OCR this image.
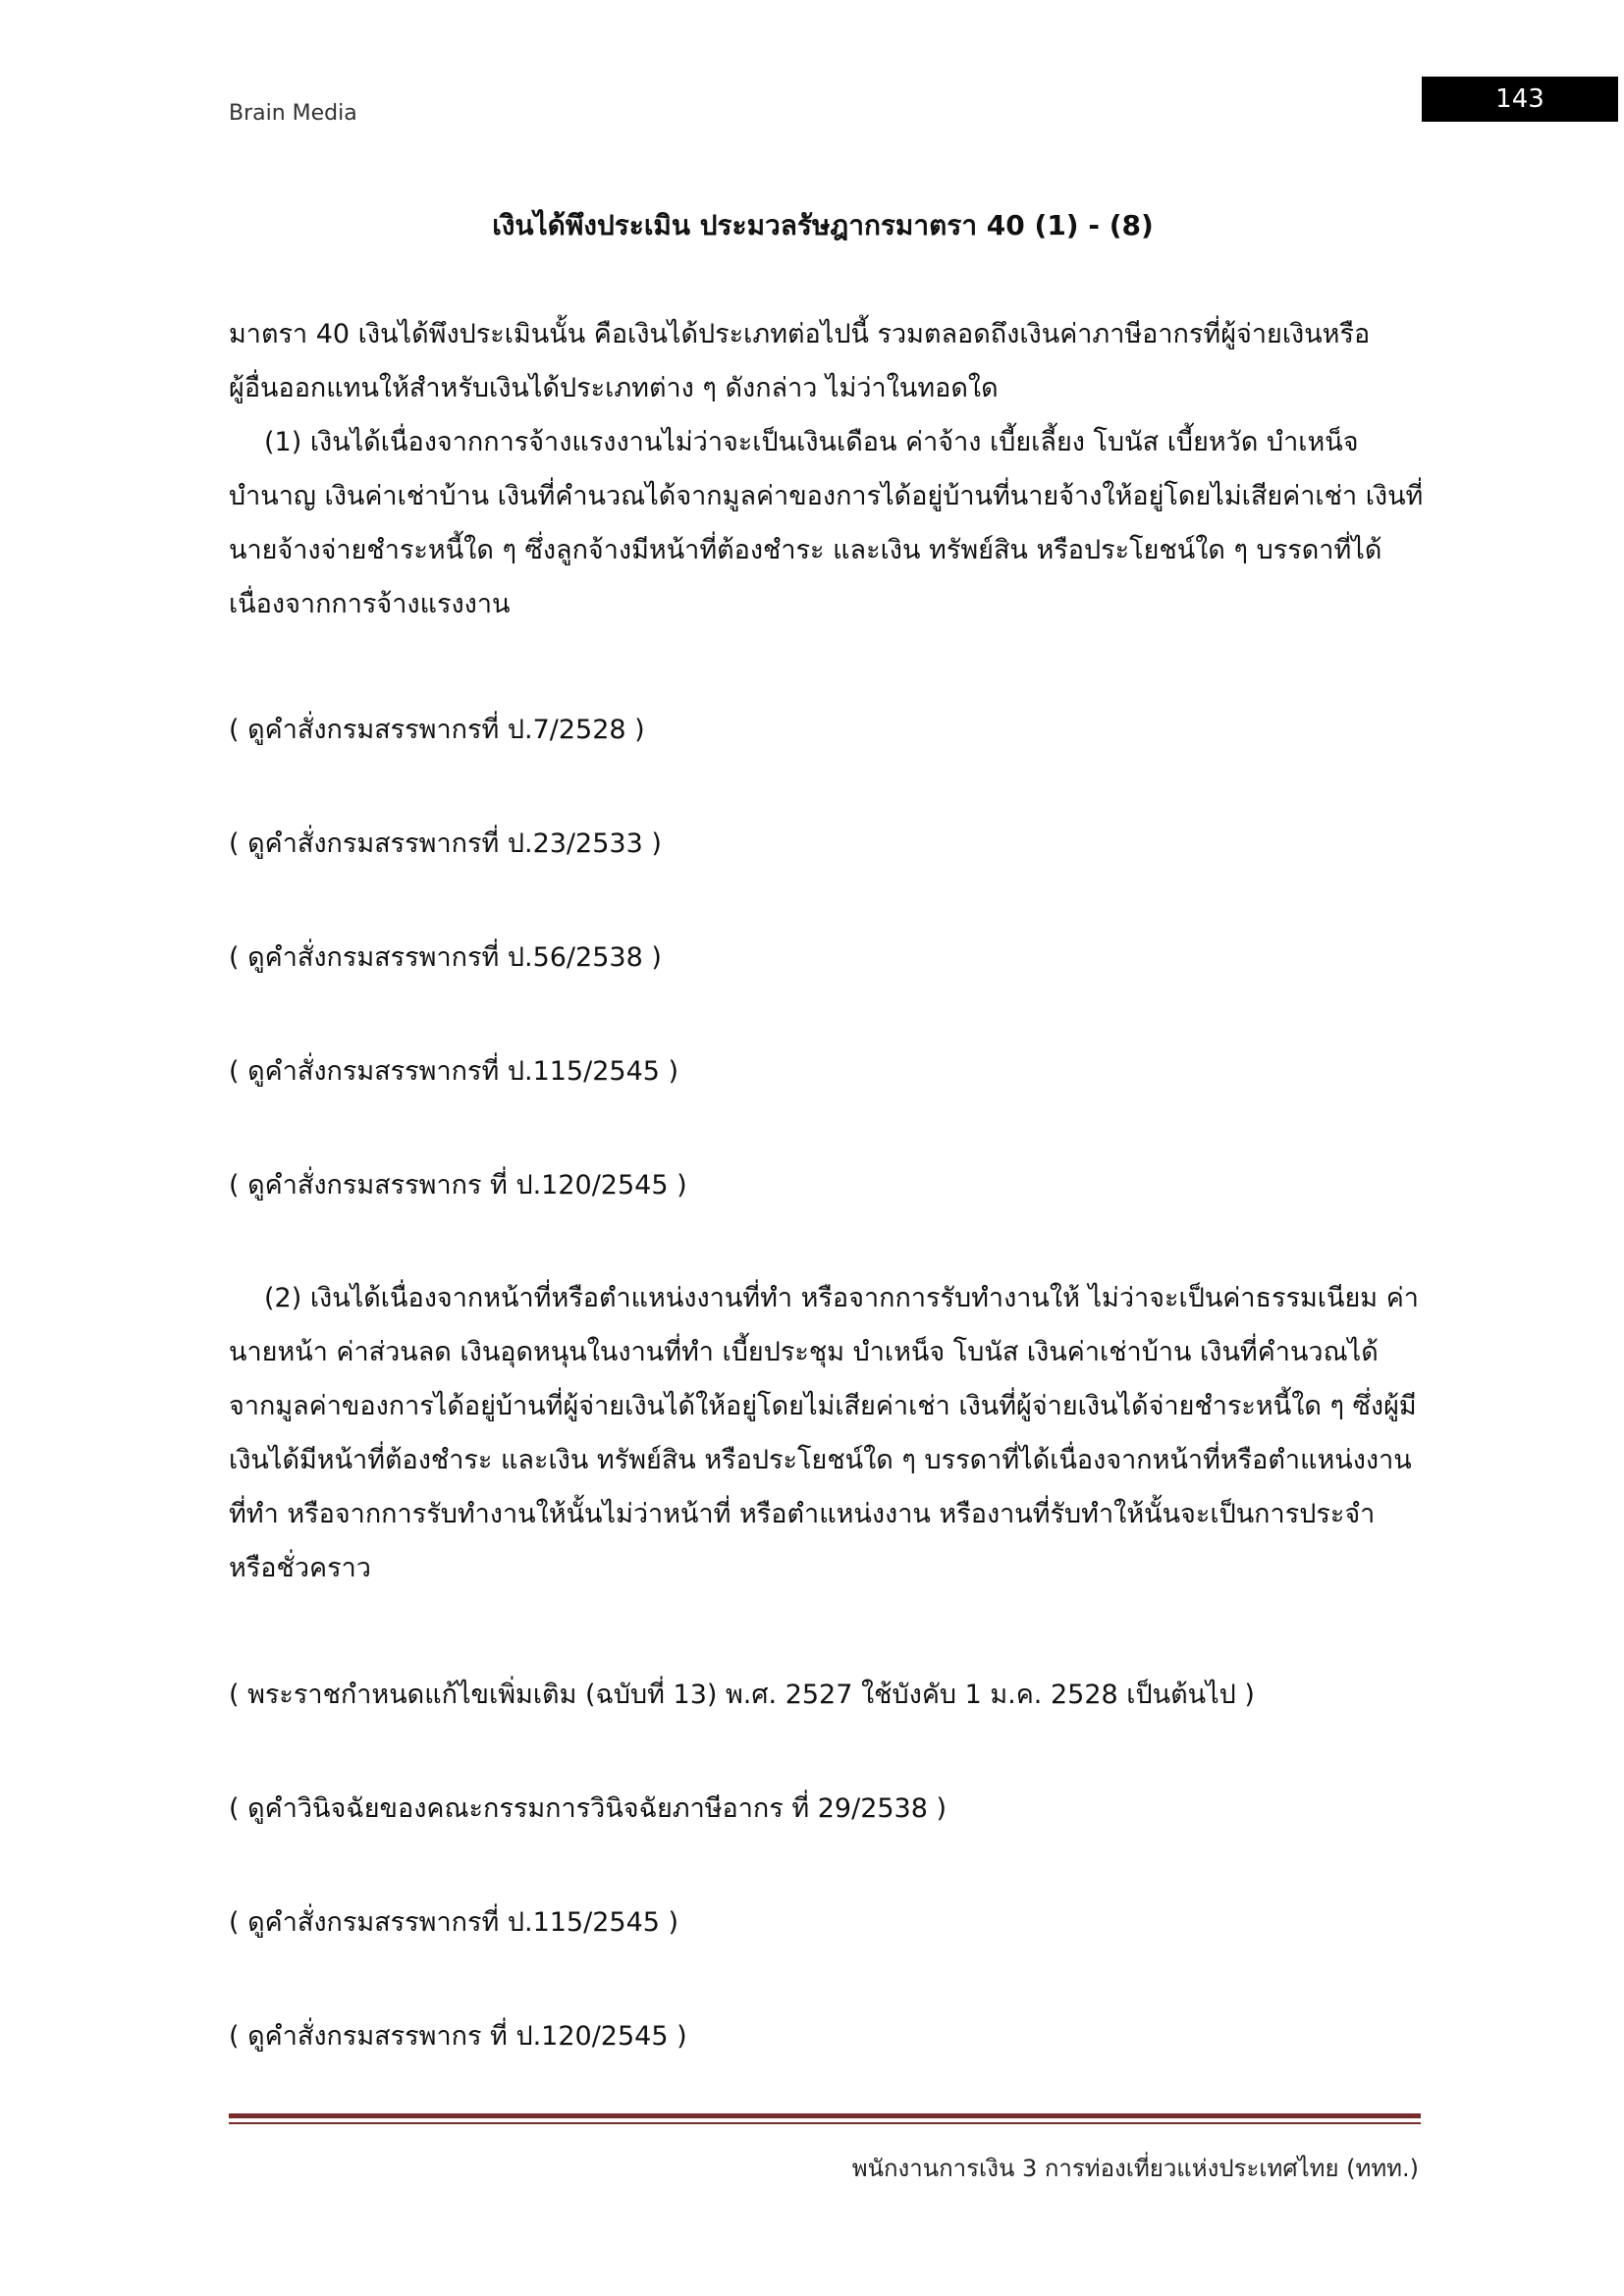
Brain Media	143
เงินได้พึงประเมิน ประมวลรัษฎากรมาตรา 40 (1) - (8)

มาตรา 40 เงินได้พึงประเมินนั้น คือเงินได้ประเภทต่อไปนี้ รวมตลอดถึงเงินค่าภาษีอากรที่ผู้จ่ายเงินหรือ

ผู้อื่นออกแทนให้สำหรับเงินได้ประเภทต่าง ๆ ดังกล่าว ไม่ว่าในทอดใด

(1) เงินได้เนื่องจากการจ้างแรงงานไม่ว่าจะเป็นเงินเดือน ค่าจ้าง เบี้ยเลี้ยง โบนัส เบี้ยหวัด บำเหน็จ

บำนาญ เงินค่าเช่าบ้าน เงินที่คำนวณได้จากมูลค่าของการได้อยู่บ้านที่นายจ้างให้อยู่โดยไม่เสียค่าเช่า เงินที่

นายจ้างจ่ายชำระหนี้ใด ๆ ซึ่งลูกจ้างมีหน้าที่ต้องชำระ และเงิน ทรัพย์สิน หรือประโยชน์ใด ๆ บรรดาที่ได้

เนื่องจากการจ้างแรงงาน

( ดูคำสั่งกรมสรรพากรที่ ป.7/2528 )
( ดูคำสั่งกรมสรรพากรที่ ป.23/2533 )
( ดูคำสั่งกรมสรรพากรที่ ป.56/2538 )
( ดูคำสั่งกรมสรรพากรที่ ป.115/2545 )
( ดูคำสั่งกรมสรรพากร ที่ ป.120/2545 )

(2) เงินได้เนื่องจากหน้าที่หรือตำแหน่งงานที่ทำ หรือจากการรับทำงานให้ ไม่ว่าจะเป็นค่าธรรมเนียม ค่า

นายหน้า ค่าส่วนลด เงินอุดหนุนในงานที่ทำ เบี้ยประชุม บำเหน็จ โบนัส เงินค่าเช่าบ้าน เงินที่คำนวณได้

จากมูลค่าของการได้อยู่บ้านที่ผู้จ่ายเงินได้ให้อยู่โดยไม่เสียค่าเช่า เงินที่ผู้จ่ายเงินได้จ่ายชำระหนี้ใด ๆ ซึ่งผู้มี

เงินได้มีหน้าที่ต้องชำระ และเงิน ทรัพย์สิน หรือประโยชน์ใด ๆ บรรดาที่ได้เนื่องจากหน้าที่หรือตำแหน่งงาน

ที่ทำ หรือจากการรับทำงานให้นั้นไม่ว่าหน้าที่ หรือตำแหน่งงาน หรืองานที่รับทำให้นั้นจะเป็นการประจำ

หรือชั่วคราว

( พระราชกำหนดแก้ไขเพิ่มเติม (ฉบับที่ 13) พ.ศ. 2527 ใช้บังคับ 1 ม.ค. 2528 เป็นต้นไป )
( ดูคำวินิจฉัยของคณะกรรมการวินิจฉัยภาษีอากร ที่ 29/2538 )
( ดูคำสั่งกรมสรรพากรที่ ป.115/2545 )
( ดูคำสั่งกรมสรรพากร ที่ ป.120/2545 )
พนักงานการเงิน 3 การท่องเที่ยวแห่งประเทศไทย (ททท.)
